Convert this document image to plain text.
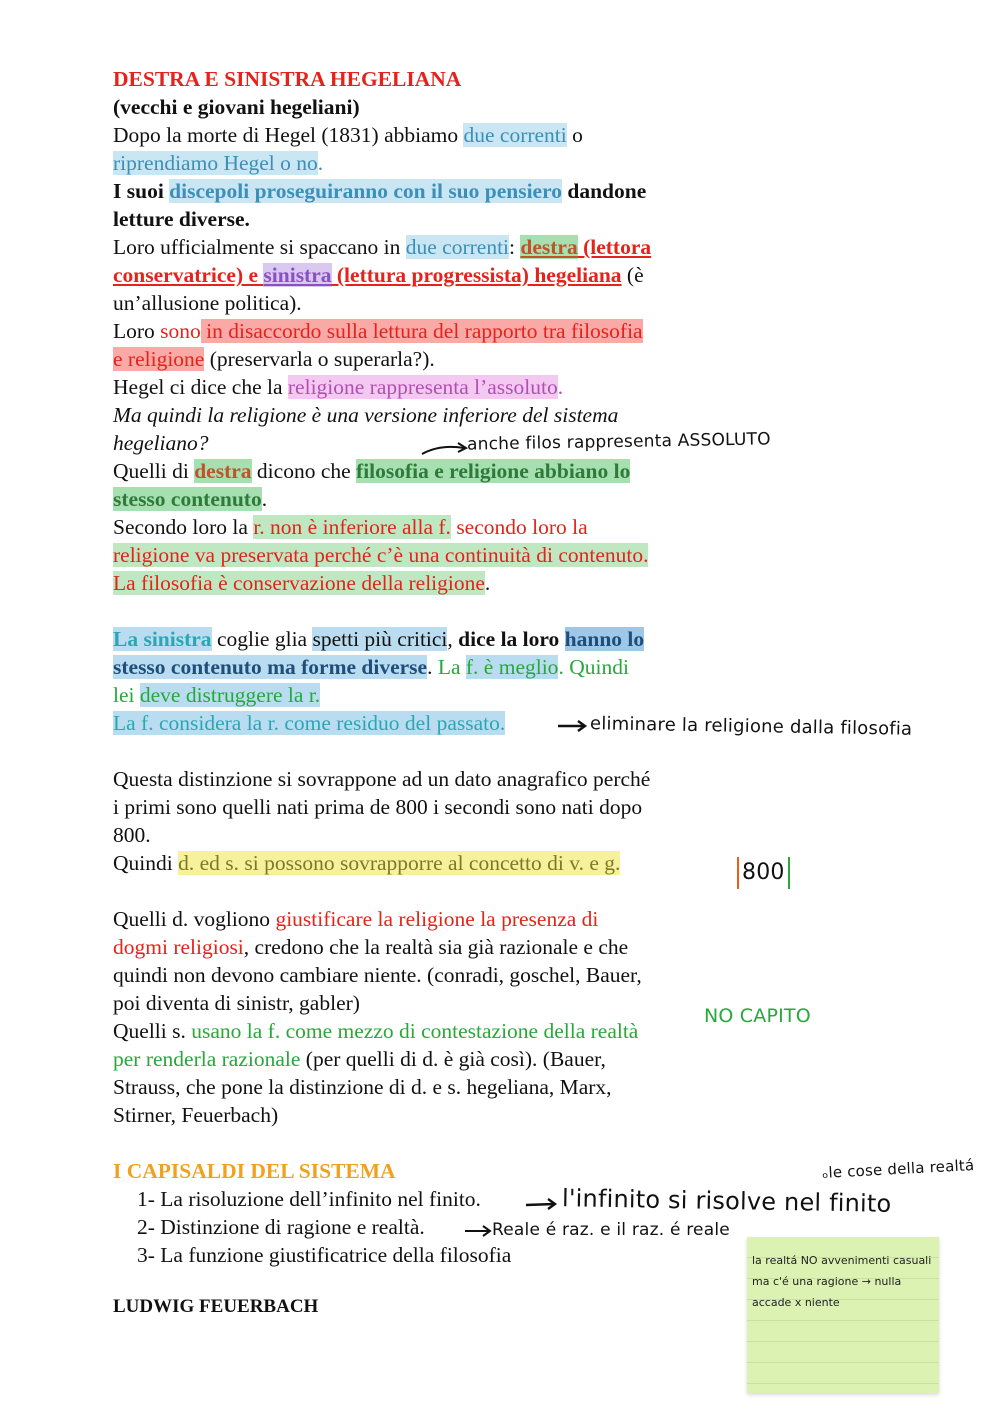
DESTRA E SINISTRA HEGELIANA
(vecchi e giovani hegeliani)
Dopo la morte di Hegel (1831) abbiamo due correnti o
riprendiamo Hegel o no.
I suoi discepoli proseguiranno con il suo pensiero dandone
letture diverse.
Loro ufficialmente si spaccano in due correnti: destra (lettora
conservatrice) e sinistra (lettura progressista) hegeliana (è
un’allusione politica).
Loro sono in disaccordo sulla lettura del rapporto tra filosofia
e religione (preservarla o superarla?).
Hegel ci dice che la religione rappresenta l’assoluto.
Ma quindi la religione è una versione inferiore del sistema
hegeliano?
Quelli di destra dicono che filosofia e religione abbiano lo
stesso contenuto.
Secondo loro la r. non è inferiore alla f. secondo loro la
religione va preservata perché c’è una continuità di contenuto.
La filosofia è conservazione della religione.
La sinistra coglie glia spetti più critici, dice la loro hanno lo
stesso contenuto ma forme diverse. La f. è meglio. Quindi
lei deve distruggere la r.
La f. considera la r. come residuo del passato.
Questa distinzione si sovrappone ad un dato anagrafico perché
i primi sono quelli nati prima de 800 i secondi sono nati dopo
800.
Quindi d. ed s. si possono sovrapporre al concetto di v. e g.
Quelli d. vogliono giustificare la religione la presenza di
dogmi religiosi, credono che la realtà sia già razionale e che
quindi non devono cambiare niente. (conradi, goschel, Bauer,
poi diventa di sinistr, gabler)
Quelli s. usano la f. come mezzo di contestazione della realtà
per renderla razionale (per quelli di d. è già così). (Bauer,
Strauss, che pone la distinzione di d. e s. hegeliana, Marx,
Stirner, Feuerbach)
I CAPISALDI DEL SISTEMA
1- La risoluzione dell’infinito nel finito.
2- Distinzione di ragione e realtà.
3- La funzione giustificatrice della filosofia
LUDWIG FEUERBACH
anche filos rappresenta ASSOLUTO
eliminare la religione dalla filosofia
800
NO CAPITO
ₒle cose della realtá
l'infinito si risolve nel finito
Reale é raz. e il raz. é reale
la realtá NO avvenimenti casuali
ma c'é una ragione → nulla
accade x niente
